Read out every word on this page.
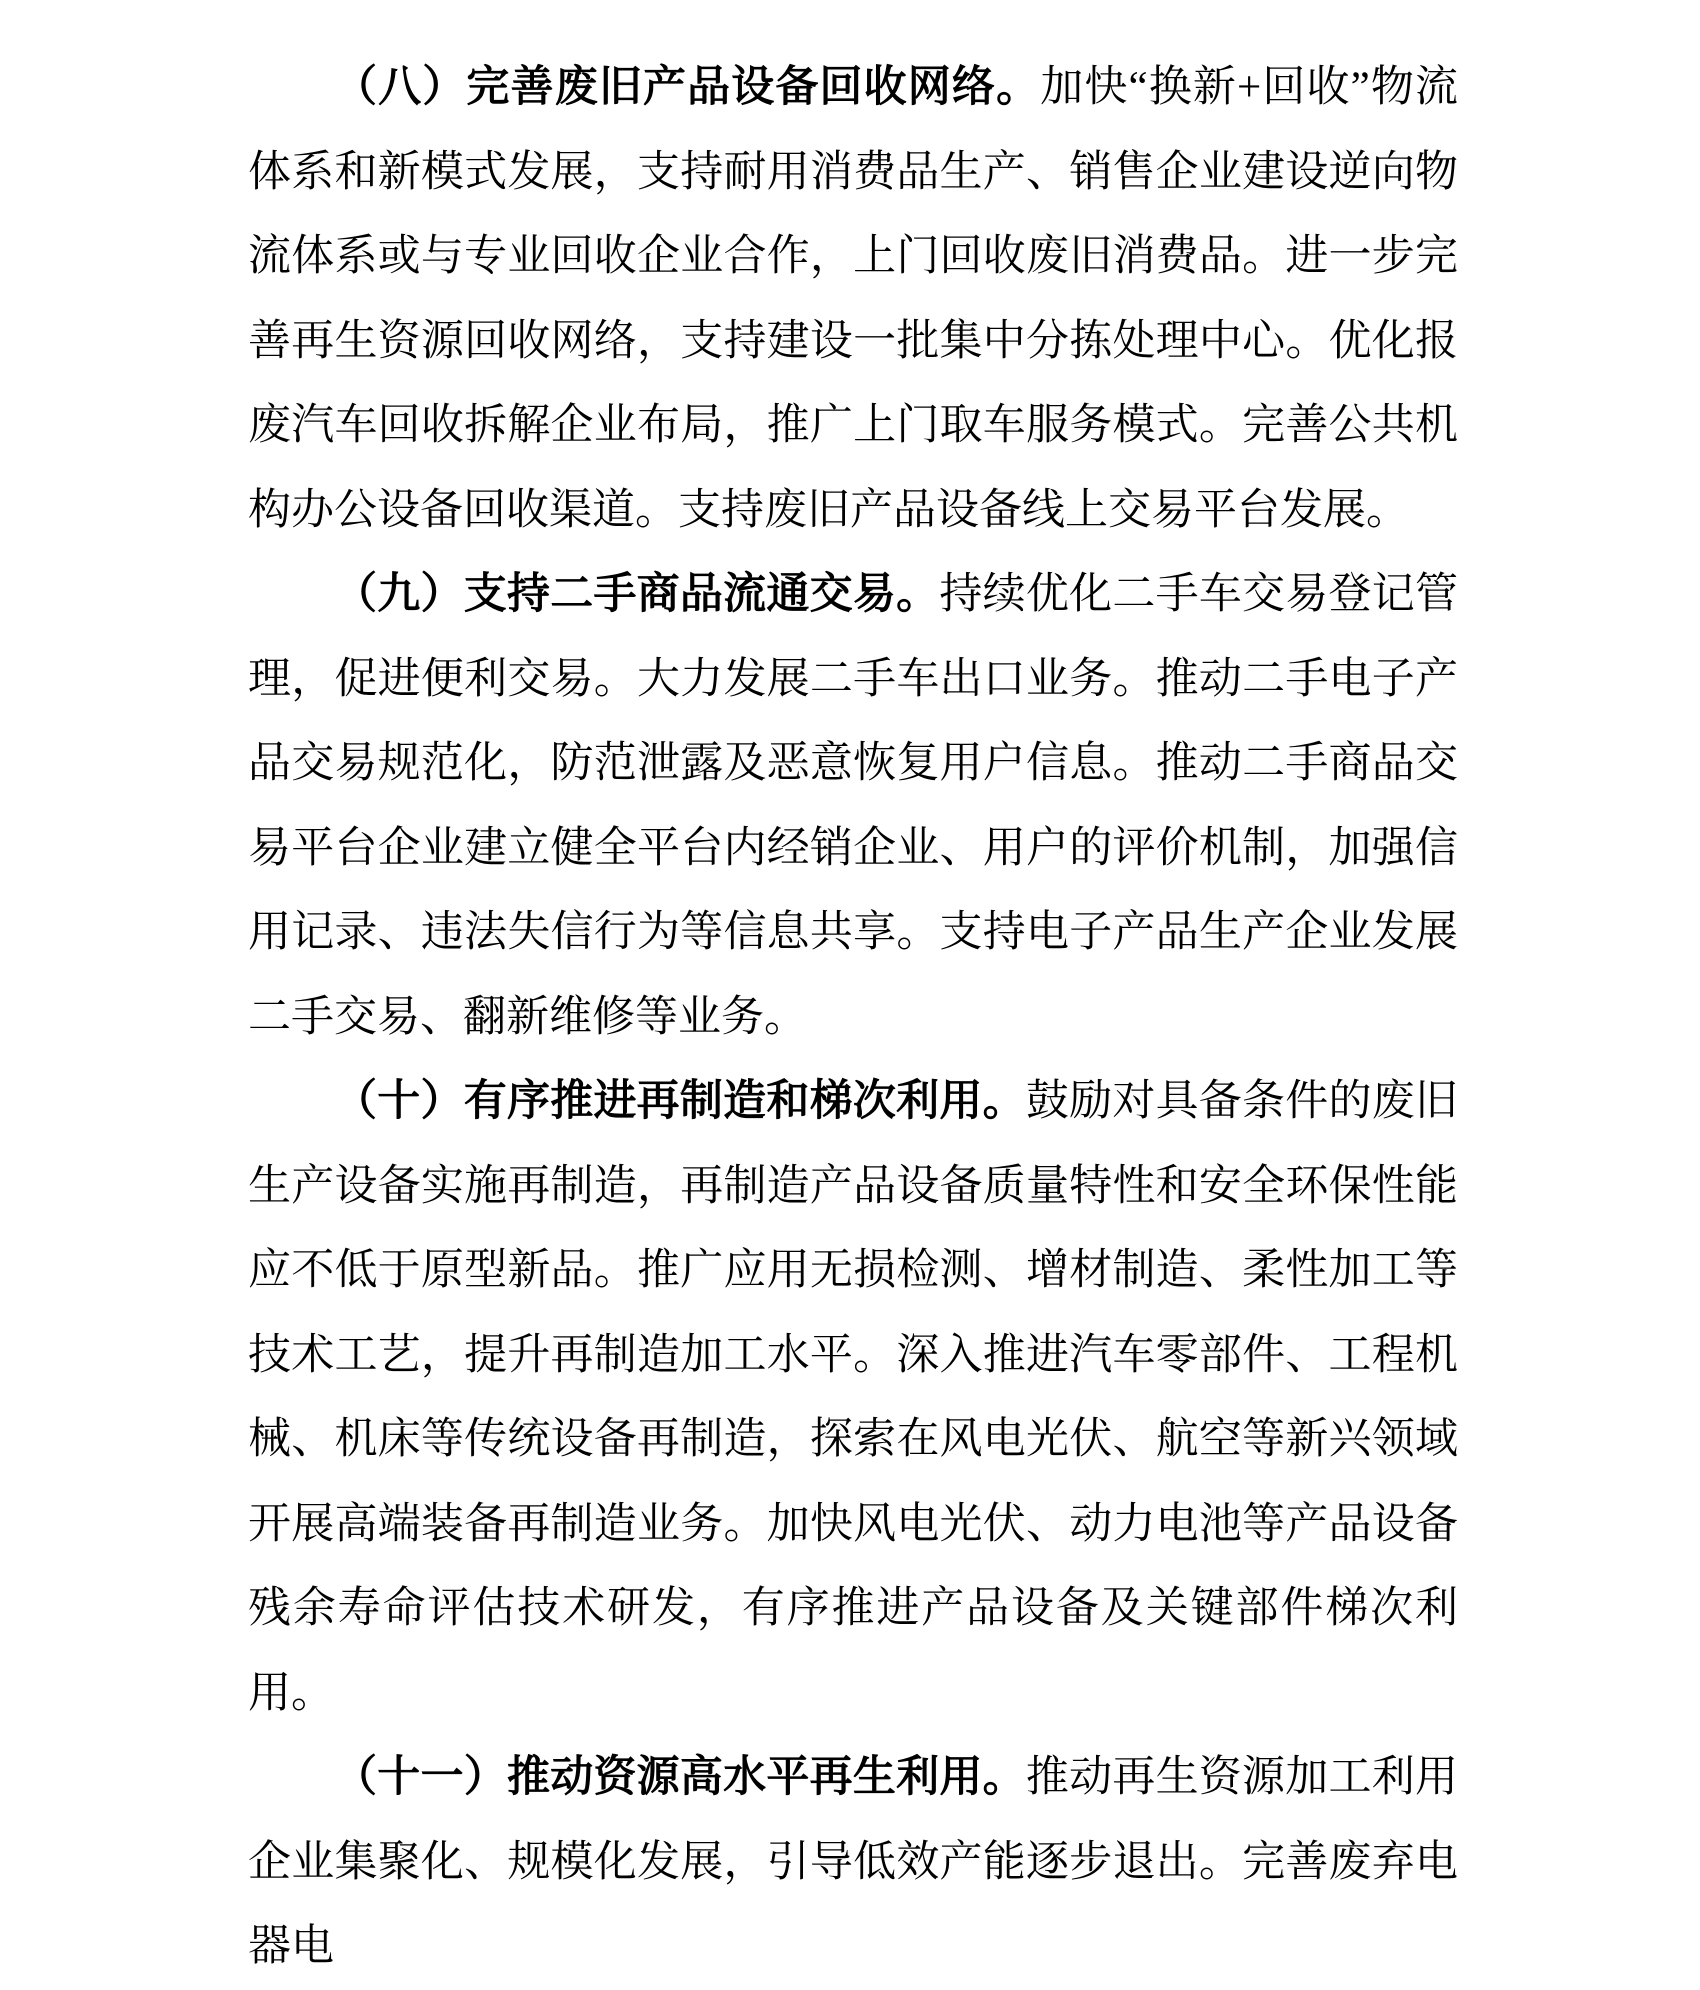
（八）完善废旧产品设备回收网络。加快“换新+回收”物流体系和新模式发展，支持耐用消费品生产、销售企业建设逆向物流体系或与专业回收企业合作，上门回收废旧消费品。进一步完善再生资源回收网络，支持建设一批集中分拣处理中心。优化报废汽车回收拆解企业布局，推广上门取车服务模式。完善公共机构办公设备回收渠道。支持废旧产品设备线上交易平台发展。

（九）支持二手商品流通交易。持续优化二手车交易登记管理，促进便利交易。大力发展二手车出口业务。推动二手电子产品交易规范化，防范泄露及恶意恢复用户信息。推动二手商品交易平台企业建立健全平台内经销企业、用户的评价机制，加强信用记录、违法失信行为等信息共享。支持电子产品生产企业发展二手交易、翻新维修等业务。

（十）有序推进再制造和梯次利用。鼓励对具备条件的废旧生产设备实施再制造，再制造产品设备质量特性和安全环保性能应不低于原型新品。推广应用无损检测、增材制造、柔性加工等技术工艺，提升再制造加工水平。深入推进汽车零部件、工程机械、机床等传统设备再制造，探索在风电光伏、航空等新兴领域开展高端装备再制造业务。加快风电光伏、动力电池等产品设备残余寿命评估技术研发，有序推进产品设备及关键部件梯次利用。

（十一）推动资源高水平再生利用。推动再生资源加工利用企业集聚化、规模化发展，引导低效产能逐步退出。完善废弃电器电
